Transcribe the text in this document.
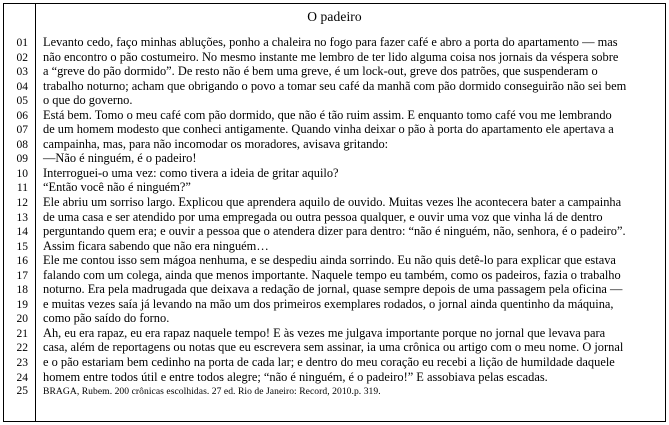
O padeiro
01	Levanto cedo, faço minhas abluções, ponho a chaleira no fogo para fazer café e abro a porta do apartamento — mas
02	não encontro o pão costumeiro. No mesmo instante me lembro de ter lido alguma coisa nos jornais da véspera sobre
03	a “greve do pão dormido”. De resto não é bem uma greve, é um lock-out, greve dos patrões, que suspenderam o
04	trabalho noturno; acham que obrigando o povo a tomar seu café da manhã com pão dormido conseguirão não sei bem
05	o que do governo.
06	Está bem. Tomo o meu café com pão dormido, que não é tão ruim assim. E enquanto tomo café vou me lembrando
07	de um homem modesto que conheci antigamente. Quando vinha deixar o pão à porta do apartamento ele apertava a
08	campainha, mas, para não incomodar os moradores, avisava gritando:
09	—Não é ninguém, é o padeiro!
10	Interroguei-o uma vez: como tivera a ideia de gritar aquilo?
11	“Então você não é ninguém?”
12	Ele abriu um sorriso largo. Explicou que aprendera aquilo de ouvido. Muitas vezes lhe acontecera bater a campainha
13	de uma casa e ser atendido por uma empregada ou outra pessoa qualquer, e ouvir uma voz que vinha lá de dentro
14	perguntando quem era; e ouvir a pessoa que o atendera dizer para dentro: “não é ninguém, não, senhora, é o padeiro”.
15	Assim ficara sabendo que não era ninguém…
16	Ele me contou isso sem mágoa nenhuma, e se despediu ainda sorrindo. Eu não quis detê-lo para explicar que estava
17	falando com um colega, ainda que menos importante. Naquele tempo eu também, como os padeiros, fazia o trabalho
18	noturno. Era pela madrugada que deixava a redação de jornal, quase sempre depois de uma passagem pela oficina —
19	e muitas vezes saía já levando na mão um dos primeiros exemplares rodados, o jornal ainda quentinho da máquina,
20	como pão saído do forno.
21	Ah, eu era rapaz, eu era rapaz naquele tempo! E às vezes me julgava importante porque no jornal que levava para
22	casa, além de reportagens ou notas que eu escrevera sem assinar, ia uma crônica ou artigo com o meu nome. O jornal
23	e o pão estariam bem cedinho na porta de cada lar; e dentro do meu coração eu recebi a lição de humildade daquele
24	homem entre todos útil e entre todos alegre; “não é ninguém, é o padeiro!” E assobiava pelas escadas.
25	BRAGA, Rubem. 200 crônicas escolhidas. 27 ed. Rio de Janeiro: Record, 2010.p. 319.
